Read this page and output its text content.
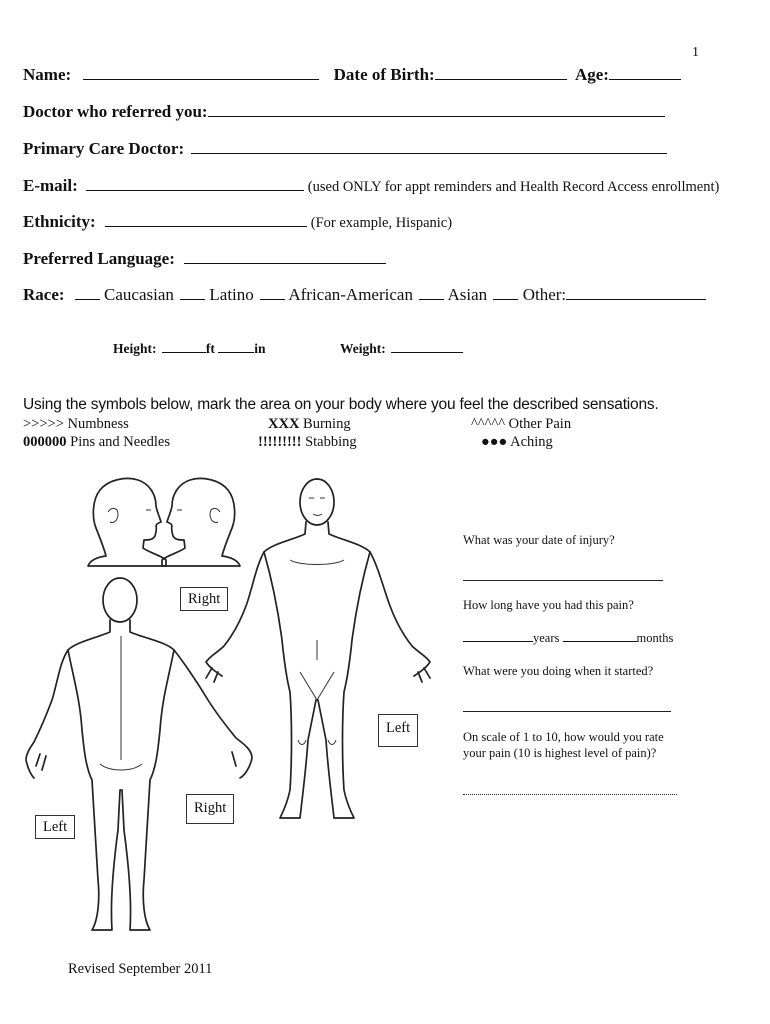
1
Name:	Date of Birth:	Age:
Doctor who referred you:
Primary Care Doctor:
E-mail:	(used ONLY for appt reminders and Health Record Access enrollment)
Ethnicity:	(For example, Hispanic)
Preferred Language:
Race: Caucasian Latino African-American Asian Other:
Height:	ft	in	Weight:
Using the symbols below, mark the area on your body where you feel the described sensations.
>>>>> Numbness	XXX Burning	^^^^^ Other Pain
000000 Pins and Needles	!!!!!!!!! Stabbing	●●● Aching
Right
Left
Left
Right
What was your date of injury?
How long have you had this pain?
years	months
What were you doing when it started?
On scale of 1 to 10, how would you rate
your pain (10 is highest level of pain)?
Revised September 2011
